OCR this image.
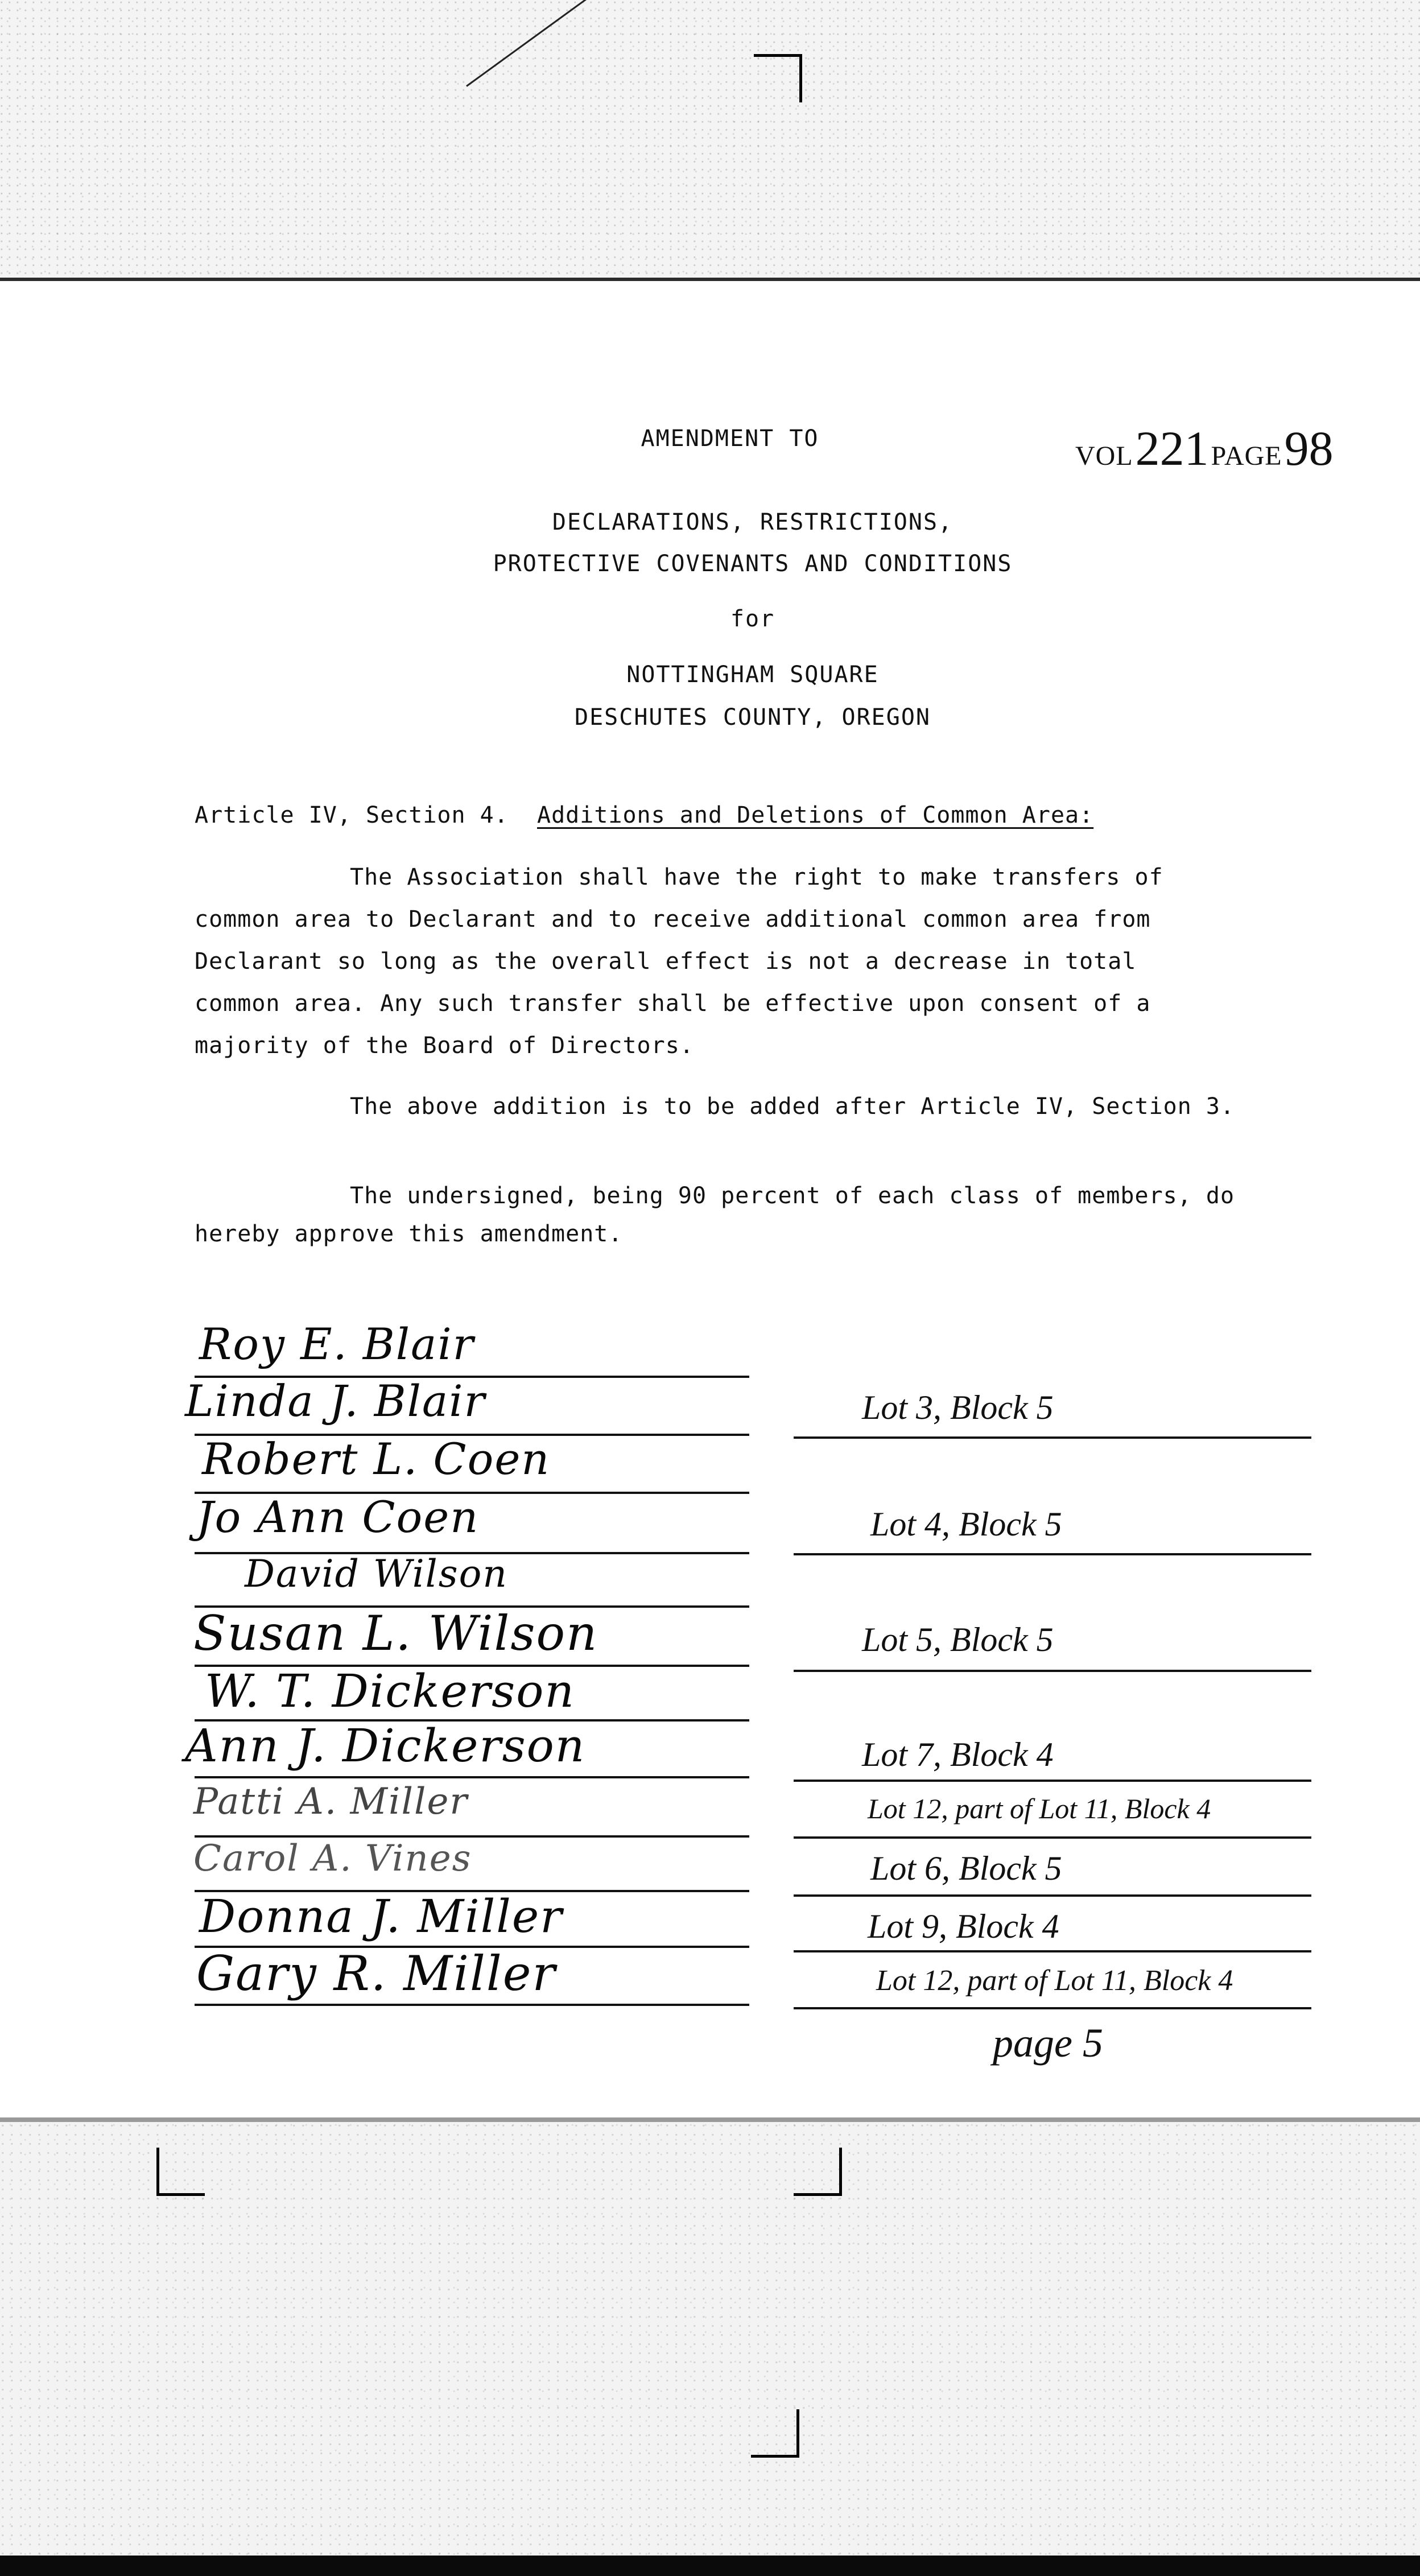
AMENDMENT TO
VOL 221 PAGE 98
DECLARATIONS, RESTRICTIONS,
PROTECTIVE COVENANTS AND CONDITIONS
for
NOTTINGHAM SQUARE
DESCHUTES COUNTY, OREGON
Article IV, Section 4. Additions and Deletions of Common Area:
The Association shall have the right to make transfers of
common area to Declarant and to receive additional common area from
Declarant so long as the overall effect is not a decrease in total
common area. Any such transfer shall be effective upon consent of a
majority of the Board of Directors.
The above addition is to be added after Article IV, Section 3.
The undersigned, being 90 percent of each class of members, do
hereby approve this amendment.
Roy E. Blair
Linda J. Blair
Robert L. Coen
Jo Ann Coen
David Wilson
Susan L. Wilson
W. T. Dickerson
Ann J. Dickerson
Patti A. Miller
Carol A. Vines
Donna J. Miller
Gary R. Miller
Lot 3, Block 5
Lot 4, Block 5
Lot 5, Block 5
Lot 7, Block 4
Lot 12, part of Lot 11, Block 4
Lot 6, Block 5
Lot 9, Block 4
Lot 12, part of Lot 11, Block 4
page 5
